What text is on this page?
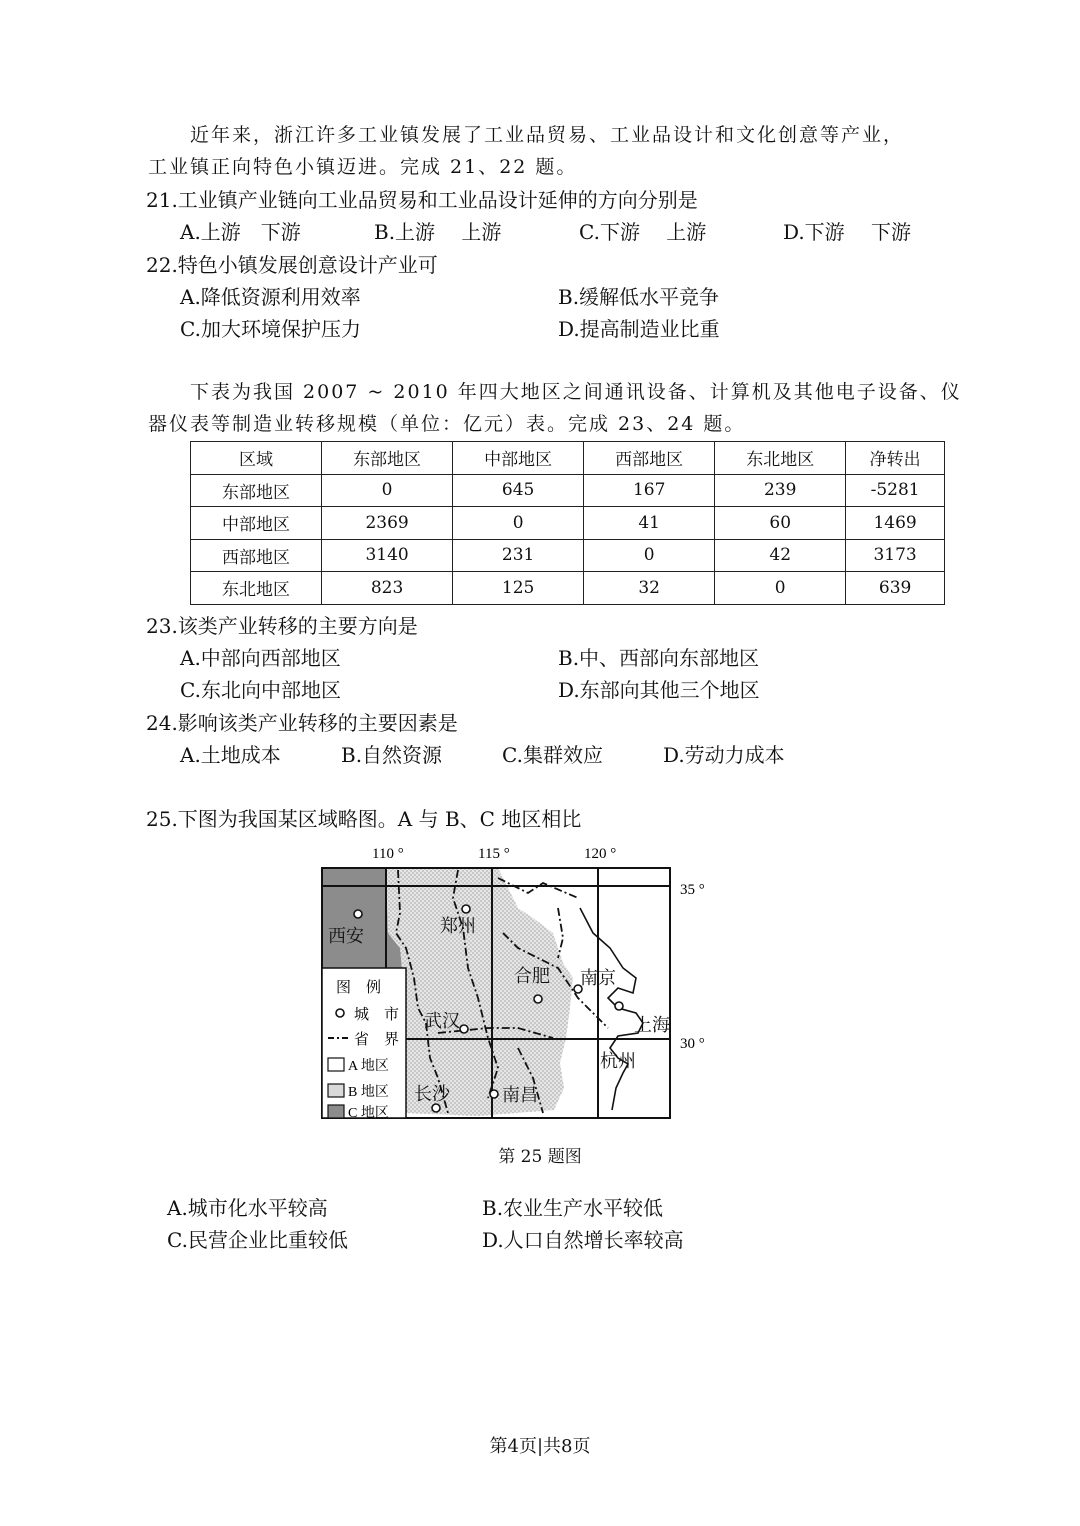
近年来，浙江许多工业镇发展了工业品贸易、工业品设计和文化创意等产业，
工业镇正向特色小镇迈进。完成 21、22 题。
21.工业镇产业链向工业品贸易和工业品设计延伸的方向分别是
A.上游　下游	B.上游　 上游	C.下游　 上游	D.下游　 下游
22.特色小镇发展创意设计产业可
A.降低资源利用效率	B.缓解低水平竞争
C.加大环境保护压力	D.提高制造业比重
下表为我国 2007 ~ 2010 年四大地区之间通讯设备、计算机及其他电子设备、仪
器仪表等制造业转移规模（单位：亿元）表。完成 23、24 题。
区域	东部地区	中部地区	西部地区	东北地区	净转出
东部地区	0	645	167	239	-5281
中部地区	2369	0	41	60	1469
西部地区	3140	231	0	42	3173
东北地区	823	125	32	0	639
23.该类产业转移的主要方向是
A.中部向西部地区	B.中、西部向东部地区
C.东北向中部地区	D.东部向其他三个地区
24.影响该类产业转移的主要因素是
A.土地成本	B.自然资源	C.集群效应	D.劳动力成本
25.下图为我国某区域略图。A 与 B、C 地区相比
110 °	115 °	120 °
35 °
30 °
图　例
城　市
省　界
A 地区
B 地区
C 地区
西安	郑州
合肥 南京
武汉	上海
杭州
长沙	南昌
第 25 题图
A.城市化水平较高	B.农业生产水平较低
C.民营企业比重较低	D.人口自然增长率较高
第4页|共8页
